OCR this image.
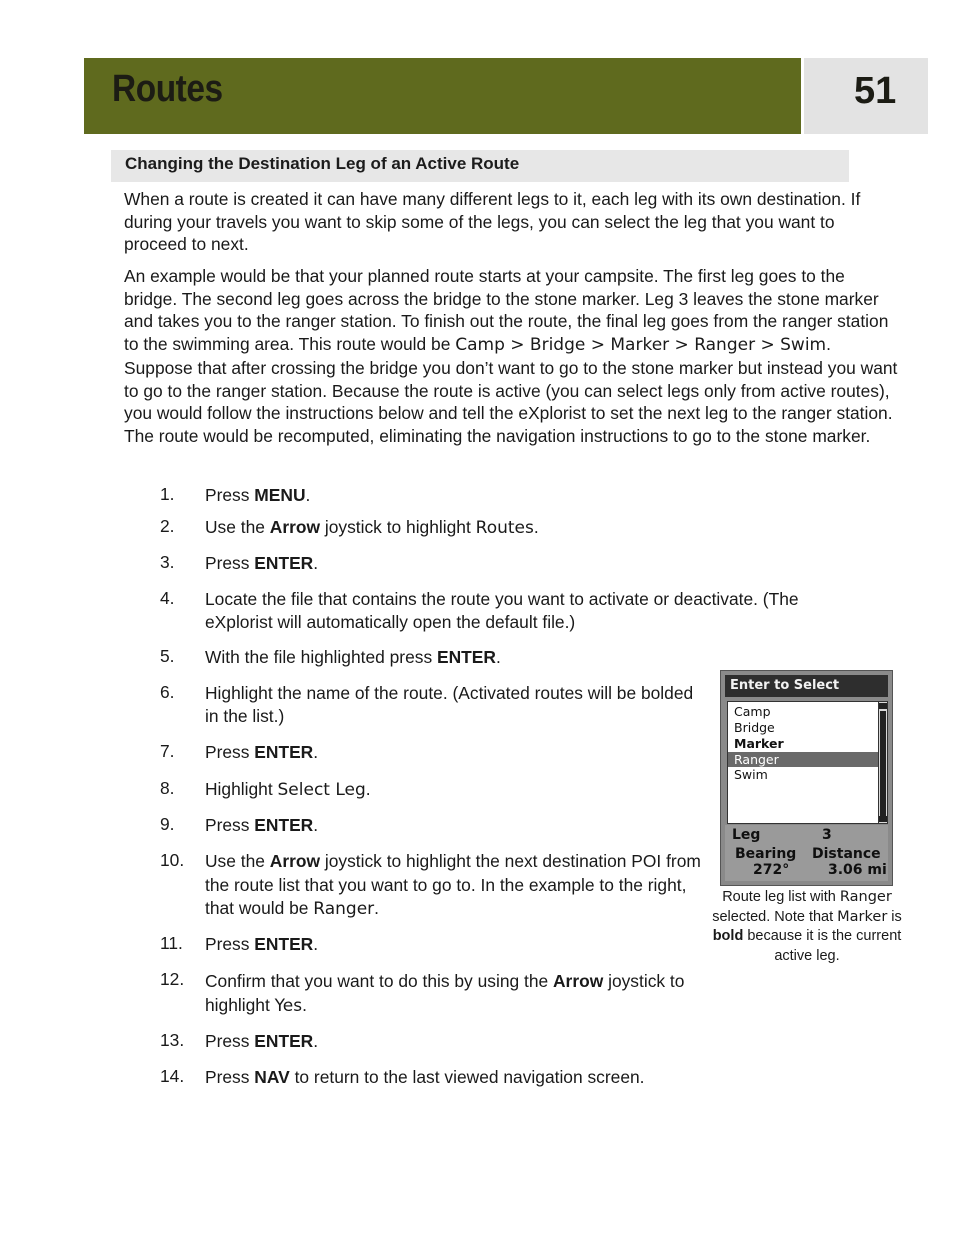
Routes	51
Changing the Destination Leg of an Active Route

When a route is created it can have many different legs to it, each leg with its own destination. If during your travels you want to skip some of the legs, you can select the leg that you want to proceed to next.

An example would be that your planned route starts at your campsite. The first leg goes to the bridge. The second leg goes across the bridge to the stone marker. Leg 3 leaves the stone marker and takes you to the ranger station. To finish out the route, the final leg goes from the ranger station to the swimming area. This route would be Camp > Bridge > Marker > Ranger > Swim. Suppose that after crossing the bridge you don’t want to go to the stone marker but instead you want to go to the ranger station. Because the route is active (you can select legs only from active routes), you would follow the instructions below and tell the eXplorist to set the next leg to the ranger station. The route would be recomputed, eliminating the navigation instructions to go to the stone marker.

1. Press MENU.
2. Use the Arrow joystick to highlight Routes.
3. Press ENTER.
4. Locate the file that contains the route you want to activate or deactivate. (The eXplorist will automatically open the default file.)
5. With the file highlighted press ENTER.
6. Highlight the name of the route. (Activated routes will be bolded in the list.)
7. Press ENTER.
8. Highlight Select Leg.
9. Press ENTER.
10. Use the Arrow joystick to highlight the next destination POI from the route list that you want to go to. In the example to the right, that would be Ranger.
11. Press ENTER.
12. Confirm that you want to do this by using the Arrow joystick to highlight Yes.
13. Press ENTER.
14. Press NAV to return to the last viewed navigation screen.
Enter to Select
Camp
Bridge
Marker
Ranger
Swim
Leg	3
Bearing Distance
272°	3.06 mi
Route leg list with Ranger selected. Note that Marker is bold because it is the current active leg.
